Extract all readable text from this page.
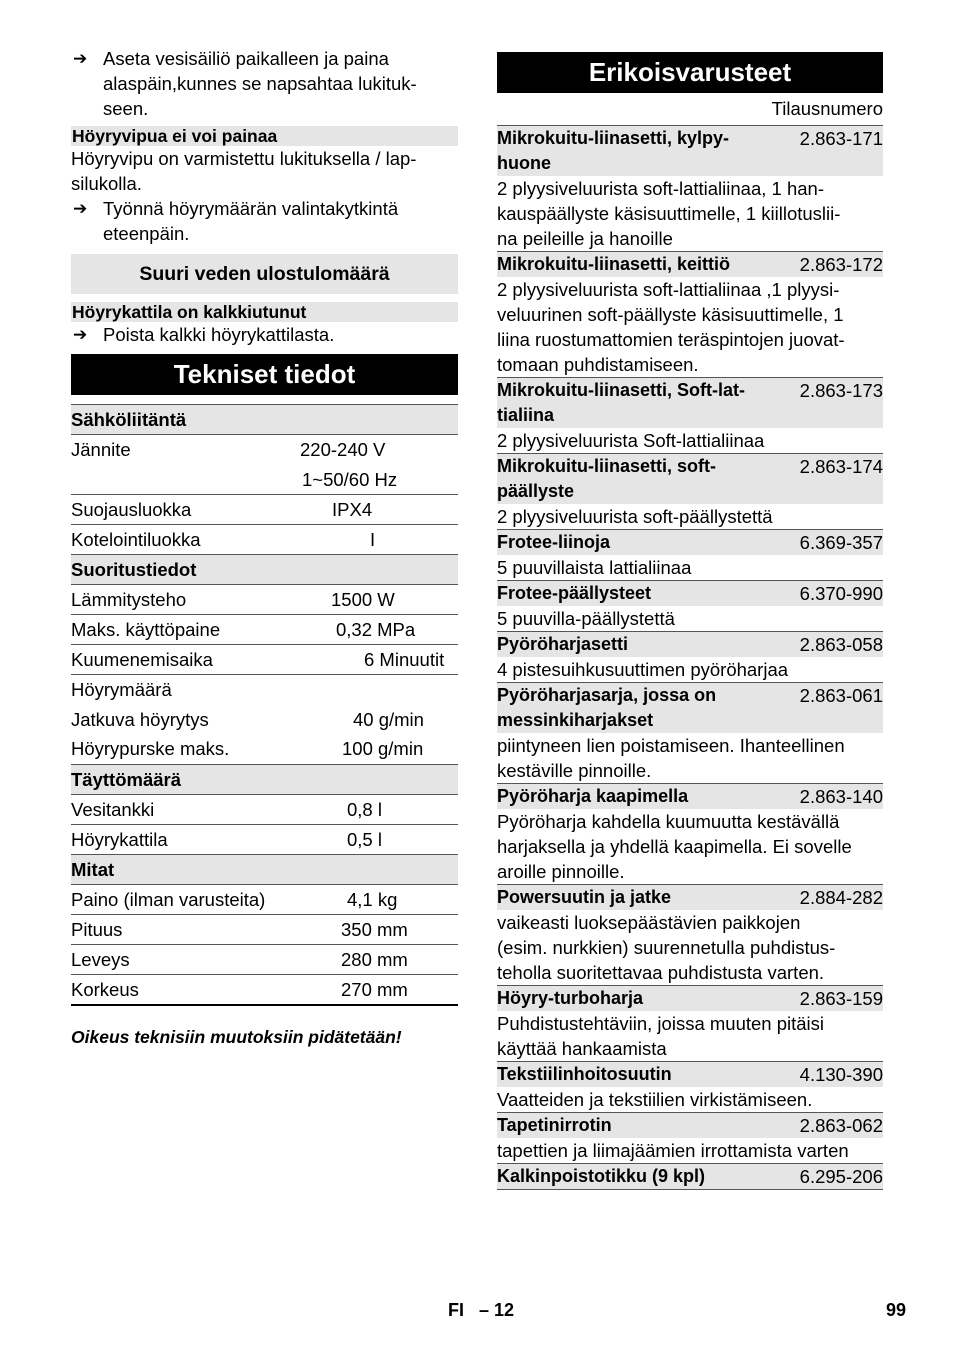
➔ Aseta vesisäiliö paikalleen ja paina
alaspäin,kunnes se napsahtaa lukituk-
seen.
Höyryvipua ei voi painaa
Höyryvipu on varmistettu lukituksella / lap-
silukolla.
➔ Työnnä höyrymäärän valintakytkintä
eteenpäin.
Suuri veden ulostulomäärä
Höyrykattila on kalkkiutunut
➔ Poista kalkki höyrykattilasta.
Tekniset tiedot
Sähköliitäntä
Jännite	220-240 V
1~50/60 Hz
Suojausluokka	IPX4
Kotelointiluokka	I
Suoritustiedot
Lämmitysteho	1500 W
Maks. käyttöpaine	0,32 MPa
Kuumenemisaika	6 Minuutit
Höyrymäärä
Jatkuva höyrytys	40 g/min
Höyrypurske maks.	100 g/min
Täyttömäärä
Vesitankki	0,8 l
Höyrykattila	0,5 l
Mitat
Paino (ilman varusteita)	4,1 kg
Pituus	350 mm
Leveys	280 mm
Korkeus	270 mm
Oikeus teknisiin muutoksiin pidätetään!
Erikoisvarusteet
Tilausnumero
Mikrokuitu-liinasetti, kylpy-
huone
2.863-171
2 plyysiveluurista soft-lattialiinaa, 1 han-
kauspäällyste käsisuuttimelle, 1 kiillotuslii-
na peileille ja hanoille
Mikrokuitu-liinasetti, keittiö	2.863-172
2 plyysiveluurista soft-lattialiinaa ,1 plyysi-
veluurinen soft-päällyste käsisuuttimelle, 1
liina ruostumattomien teräspintojen juovat-
tomaan puhdistamiseen.
Mikrokuitu-liinasetti, Soft-lat-
tialiina
2.863-173
2 plyysiveluurista Soft-lattialiinaa
Mikrokuitu-liinasetti, soft-
päällyste
2.863-174
2 plyysiveluurista soft-päällystettä
Frotee-liinoja	6.369-357
5 puuvillaista lattialiinaa
Frotee-päällysteet	6.370-990
5 puuvilla-päällystettä
Pyöröharjasetti	2.863-058
4 pistesuihkusuuttimen pyöröharjaa
Pyöröharjasarja, jossa on
messinkiharjakset
2.863-061
piintyneen lien poistamiseen. Ihanteellinen
kestäville pinnoille.
Pyöröharja kaapimella	2.863-140
Pyöröharja kahdella kuumuutta kestävällä
harjaksella ja yhdellä kaapimella. Ei sovelle
aroille pinnoille.
Powersuutin ja jatke	2.884-282
vaikeasti luoksepäästävien paikkojen
(esim. nurkkien) suurennetulla puhdistus-
teholla suoritettavaa puhdistusta varten.
Höyry-turboharja	2.863-159
Puhdistustehtäviin, joissa muuten pitäisi
käyttää hankaamista
Tekstiilinhoitosuutin	4.130-390
Vaatteiden ja tekstiilien virkistämiseen.
Tapetinirrotin	2.863-062
tapettien ja liimajäämien irrottamista varten
Kalkinpoistotikku (9 kpl)	6.295-206
FI – 12	99
